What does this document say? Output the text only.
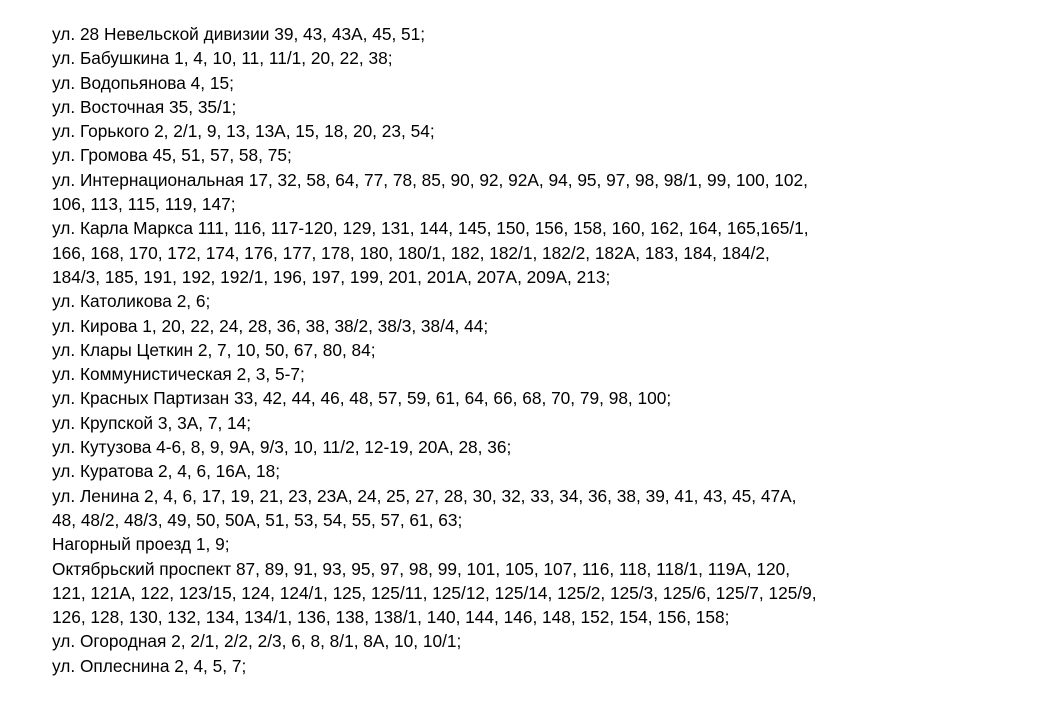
ул. 28 Невельской дивизии 39, 43, 43А, 45, 51;
ул. Бабушкина 1, 4, 10, 11, 11/1, 20, 22, 38;
ул. Водопьянова 4, 15;
ул. Восточная 35, 35/1;
ул. Горького 2, 2/1, 9, 13, 13А, 15, 18, 20, 23, 54;
ул. Громова 45, 51, 57, 58, 75;
ул. Интернациональная 17, 32, 58, 64, 77, 78, 85, 90, 92, 92А, 94, 95, 97, 98, 98/1, 99, 100, 102,
106, 113, 115, 119, 147;
ул. Карла Маркса 111, 116, 117-120, 129, 131, 144, 145, 150, 156, 158, 160, 162, 164, 165,165/1,
166, 168, 170, 172, 174, 176, 177, 178, 180, 180/1, 182, 182/1, 182/2, 182А, 183, 184, 184/2,
184/3, 185, 191, 192, 192/1, 196, 197, 199, 201, 201А, 207А, 209А, 213;
ул. Католикова 2, 6;
ул. Кирова 1, 20, 22, 24, 28, 36, 38, 38/2, 38/3, 38/4, 44;
ул. Клары Цеткин 2, 7, 10, 50, 67, 80, 84;
ул. Коммунистическая 2, 3, 5-7;
ул. Красных Партизан 33, 42, 44, 46, 48, 57, 59, 61, 64, 66, 68, 70, 79, 98, 100;
ул. Крупской 3, 3А, 7, 14;
ул. Кутузова 4-6, 8, 9, 9А, 9/3, 10, 11/2, 12-19, 20А, 28, 36;
ул. Куратова 2, 4, 6, 16А, 18;
ул. Ленина 2, 4, 6, 17, 19, 21, 23, 23А, 24, 25, 27, 28, 30, 32, 33, 34, 36, 38, 39, 41, 43, 45, 47А,
48, 48/2, 48/3, 49, 50, 50А, 51, 53, 54, 55, 57, 61, 63;
Нагорный проезд 1, 9;
Октябрьский проспект 87, 89, 91, 93, 95, 97, 98, 99, 101, 105, 107, 116, 118, 118/1, 119А, 120,
121, 121А, 122, 123/15, 124, 124/1, 125, 125/11, 125/12, 125/14, 125/2, 125/3, 125/6, 125/7, 125/9,
126, 128, 130, 132, 134, 134/1, 136, 138, 138/1, 140, 144, 146, 148, 152, 154, 156, 158;
ул. Огородная 2, 2/1, 2/2, 2/3, 6, 8, 8/1, 8А, 10, 10/1;
ул. Оплеснина 2, 4, 5, 7;
